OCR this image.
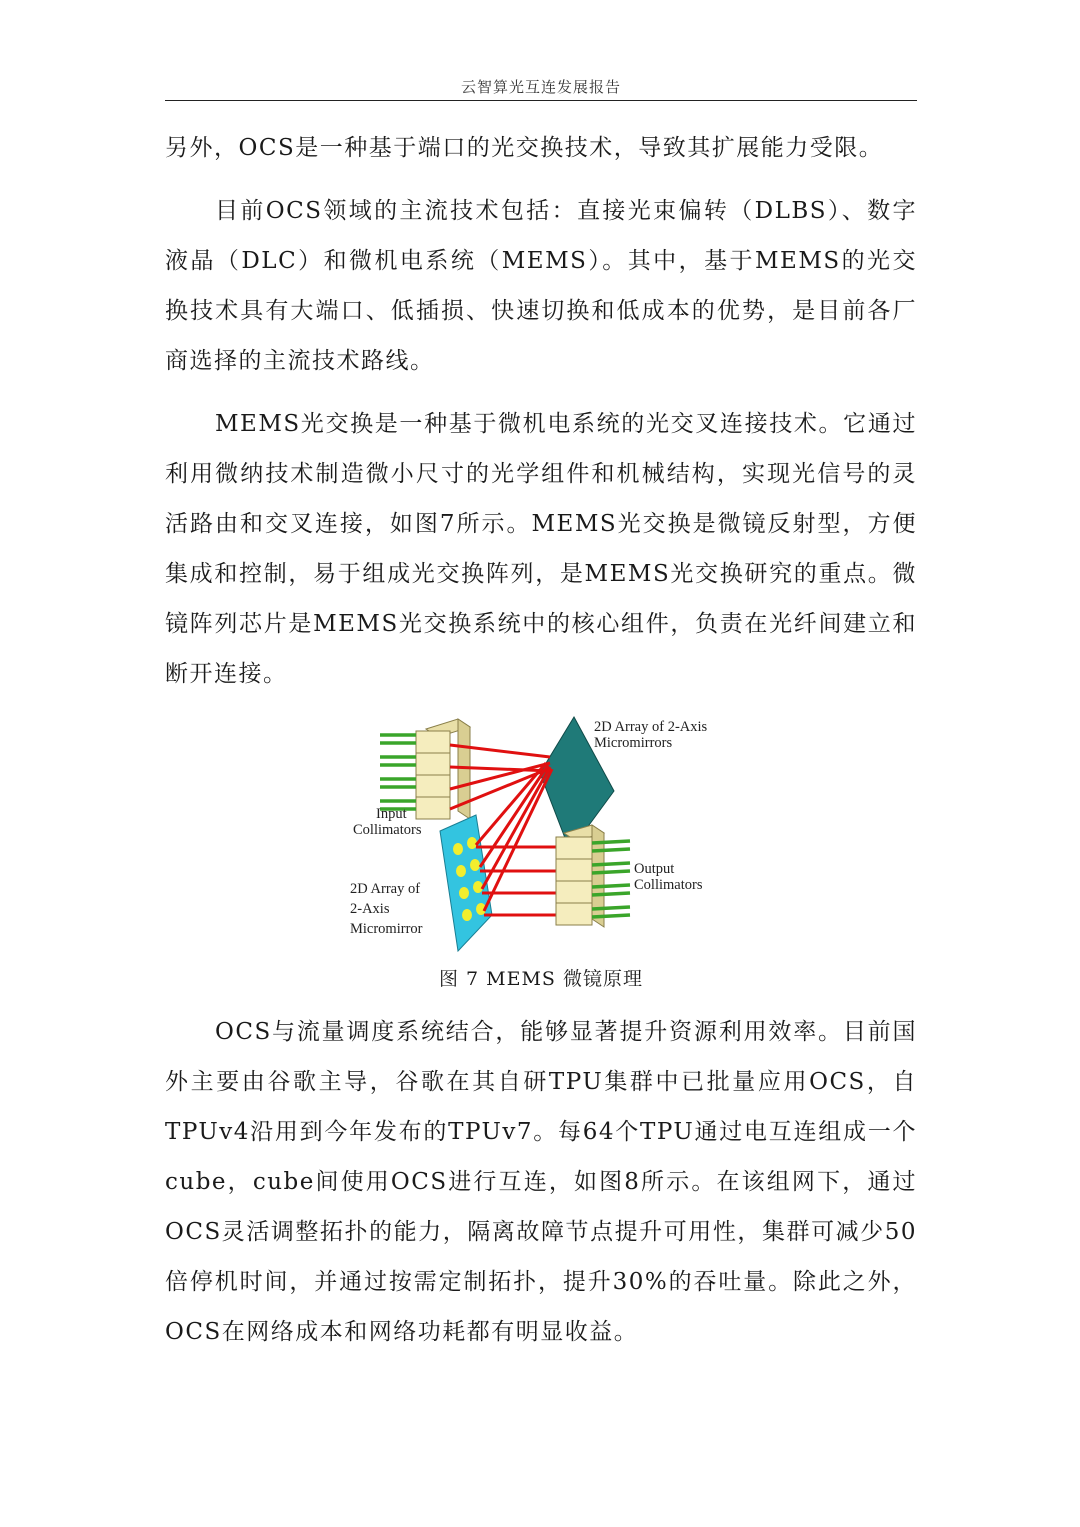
云智算光互连发展报告

另外，OCS是一种基于端口的光交换技术，导致其扩展能力受限。

目前OCS领域的主流技术包括：直接光束偏转（DLBS）、数字液晶（DLC）和微机电系统（MEMS）。其中，基于MEMS的光交换技术具有大端口、低插损、快速切换和低成本的优势，是目前各厂商选择的主流技术路线。

MEMS光交换是一种基于微机电系统的光交叉连接技术。它通过利用微纳技术制造微小尺寸的光学组件和机械结构，实现光信号的灵活路由和交叉连接，如图7所示。MEMS光交换是微镜反射型，方便集成和控制，易于组成光交换阵列，是MEMS光交换研究的重点。微镜阵列芯片是MEMS光交换系统中的核心组件，负责在光纤间建立和断开连接。

2D Array of 2-Axis
Micromirrors
Input
Collimators
Output
Collimators
2D Array of
2-Axis
Micromirror
图 7 MEMS 微镜原理

OCS与流量调度系统结合，能够显著提升资源利用效率。目前国外主要由谷歌主导，谷歌在其自研TPU集群中已批量应用OCS，自TPUv4沿用到今年发布的TPUv7。每64个TPU通过电互连组成一个cube，cube间使用OCS进行互连，如图8所示。在该组网下，通过OCS灵活调整拓扑的能力，隔离故障节点提升可用性，集群可减少50倍停机时间，并通过按需定制拓扑，提升30%的吞吐量。除此之外，OCS在网络成本和网络功耗都有明显收益。
